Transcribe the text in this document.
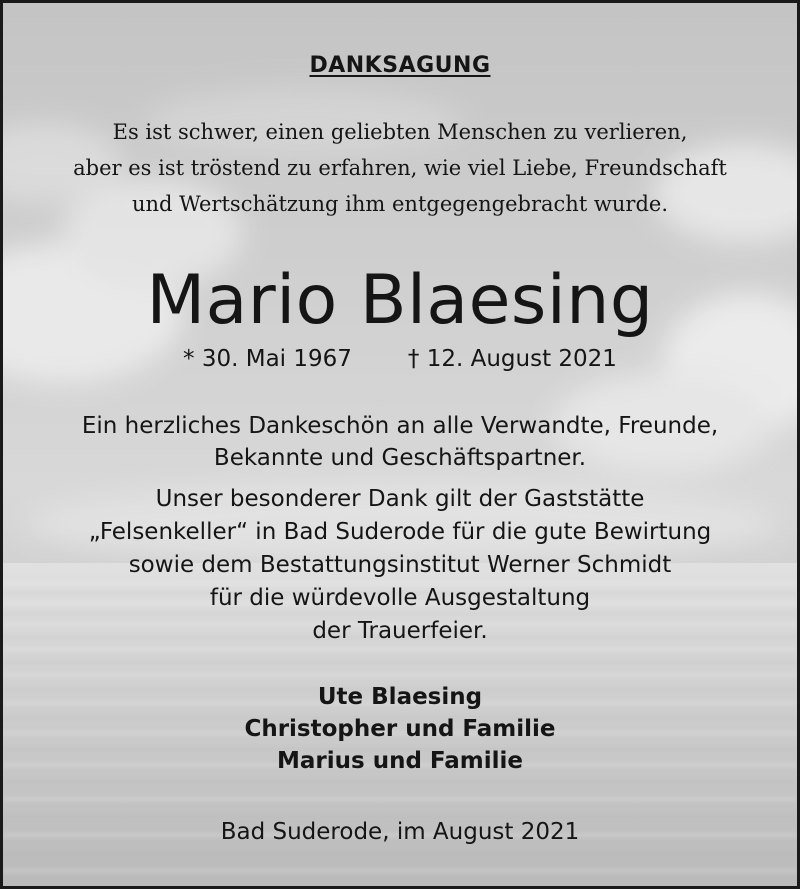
DANKSAGUNG
Es ist schwer, einen geliebten Menschen zu verlieren,
aber es ist tröstend zu erfahren, wie viel Liebe, Freundschaft
und Wertschätzung ihm entgegengebracht wurde.
Mario Blaesing
* 30. Mai 1967 † 12. August 2021
Ein herzliches Dankeschön an alle Verwandte, Freunde,
Bekannte und Geschäftspartner.
Unser besonderer Dank gilt der Gaststätte
„Felsenkeller“ in Bad Suderode für die gute Bewirtung
sowie dem Bestattungsinstitut Werner Schmidt
für die würdevolle Ausgestaltung
der Trauerfeier.
Ute Blaesing
Christopher und Familie
Marius und Familie
Bad Suderode, im August 2021
